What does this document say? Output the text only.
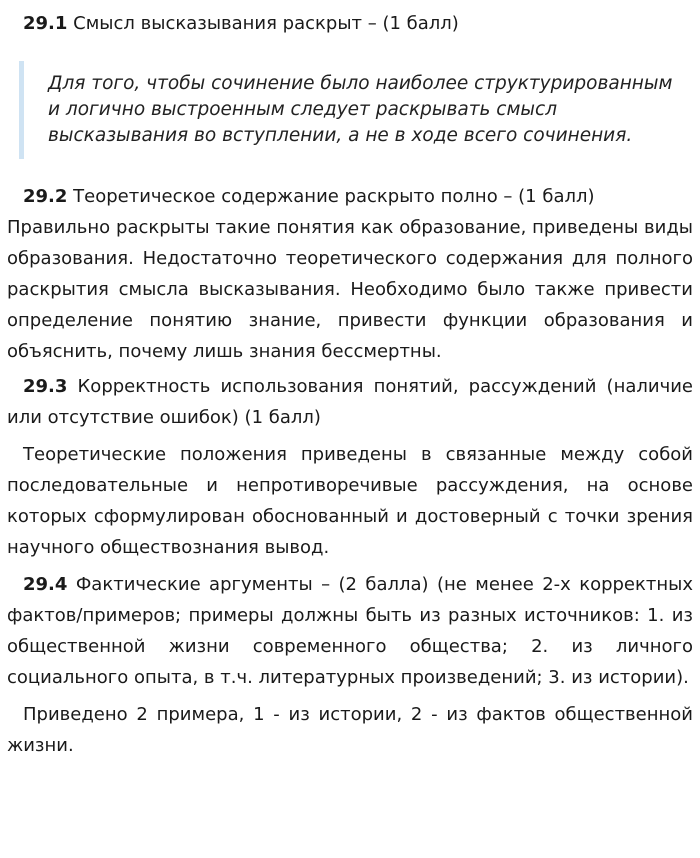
29.1 Смысл высказывания раскрыт – (1 балл)

Для того, чтобы сочинение было наиболее структурированным и логично выстроенным следует раскрывать смысл высказывания во вступлении, а не в ходе всего сочинения.

29.2 Теоретическое содержание раскрыто полно – (1 балл)

Правильно раскрыты такие понятия как образование, приведены виды образования. Недостаточно теоретического содержания для полного раскрытия смысла высказывания. Необходимо было также привести определение понятию знание, привести функции образования и объяснить, почему лишь знания бессмертны.

29.3 Корректность использования понятий, рассуждений (наличие или отсутствие ошибок) (1 балл)

Теоретические положения приведены в связанные между собой последовательные и непротиворечивые рассуждения, на основе которых сформулирован обоснованный и достоверный с точки зрения научного обществознания вывод.

29.4 Фактические аргументы – (2 балла) (не менее 2-х корректных фактов/примеров; примеры должны быть из разных источников: 1. из общественной жизни современного общества; 2. из личного социального опыта, в т.ч. литературных произведений; 3. из истории).

Приведено 2 примера, 1 - из истории, 2 - из фактов общественной жизни.
